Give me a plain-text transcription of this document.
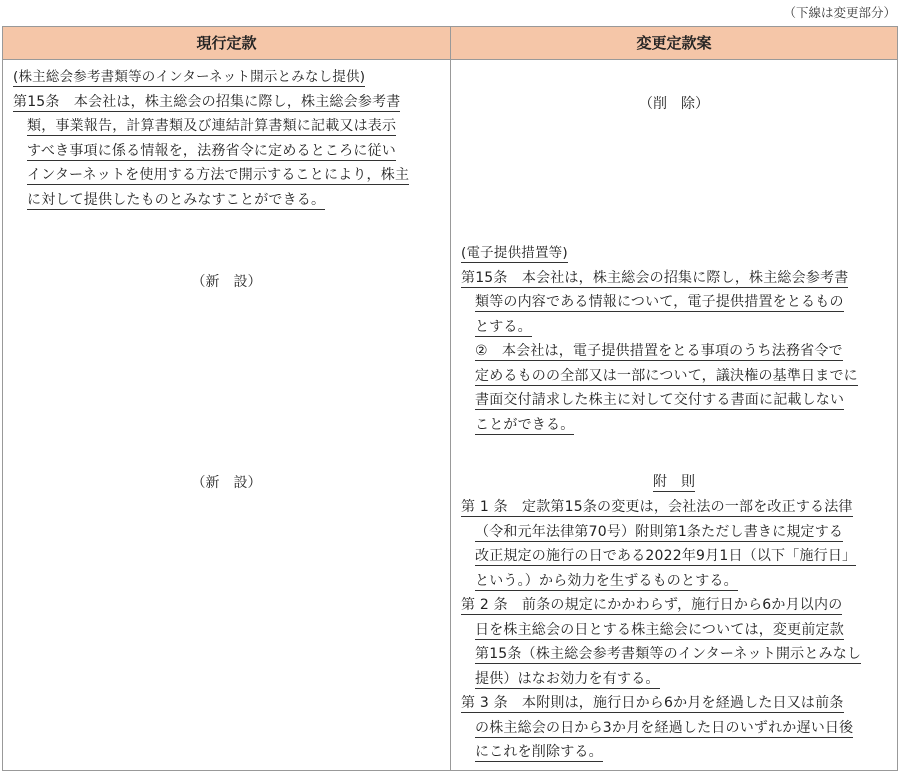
（下線は変更部分）
現行定款	変更定款案
(株主総会参考書類等のインターネット開示とみなし提供)
第15条　本会社は，株主総会の招集に際し，株主総会参考書
類，事業報告，計算書類及び連結計算書類に記載又は表示
すべき事項に係る情報を，法務省令に定めるところに従い
インターネットを使用する方法で開示することにより，株主
に対して提供したものとみなすことができる。
（新　設）
（新　設）
（削　除）
(電子提供措置等)
第15条　本会社は，株主総会の招集に際し，株主総会参考書
類等の内容である情報について，電子提供措置をとるもの
とする。
②　本会社は，電子提供措置をとる事項のうち法務省令で
定めるものの全部又は一部について，議決権の基準日までに
書面交付請求した株主に対して交付する書面に記載しない
ことができる。
附　則
第 1 条　定款第15条の変更は，会社法の一部を改正する法律
（令和元年法律第70号）附則第1条ただし書きに規定する
改正規定の施行の日である2022年9月1日（以下「施行日」
という。）から効力を生ずるものとする。
第 2 条　前条の規定にかかわらず，施行日から6か月以内の
日を株主総会の日とする株主総会については，変更前定款
第15条（株主総会参考書類等のインターネット開示とみなし
提供）はなお効力を有する。
第 3 条　本附則は，施行日から6か月を経過した日又は前条
の株主総会の日から3か月を経過した日のいずれか遅い日後
にこれを削除する。
